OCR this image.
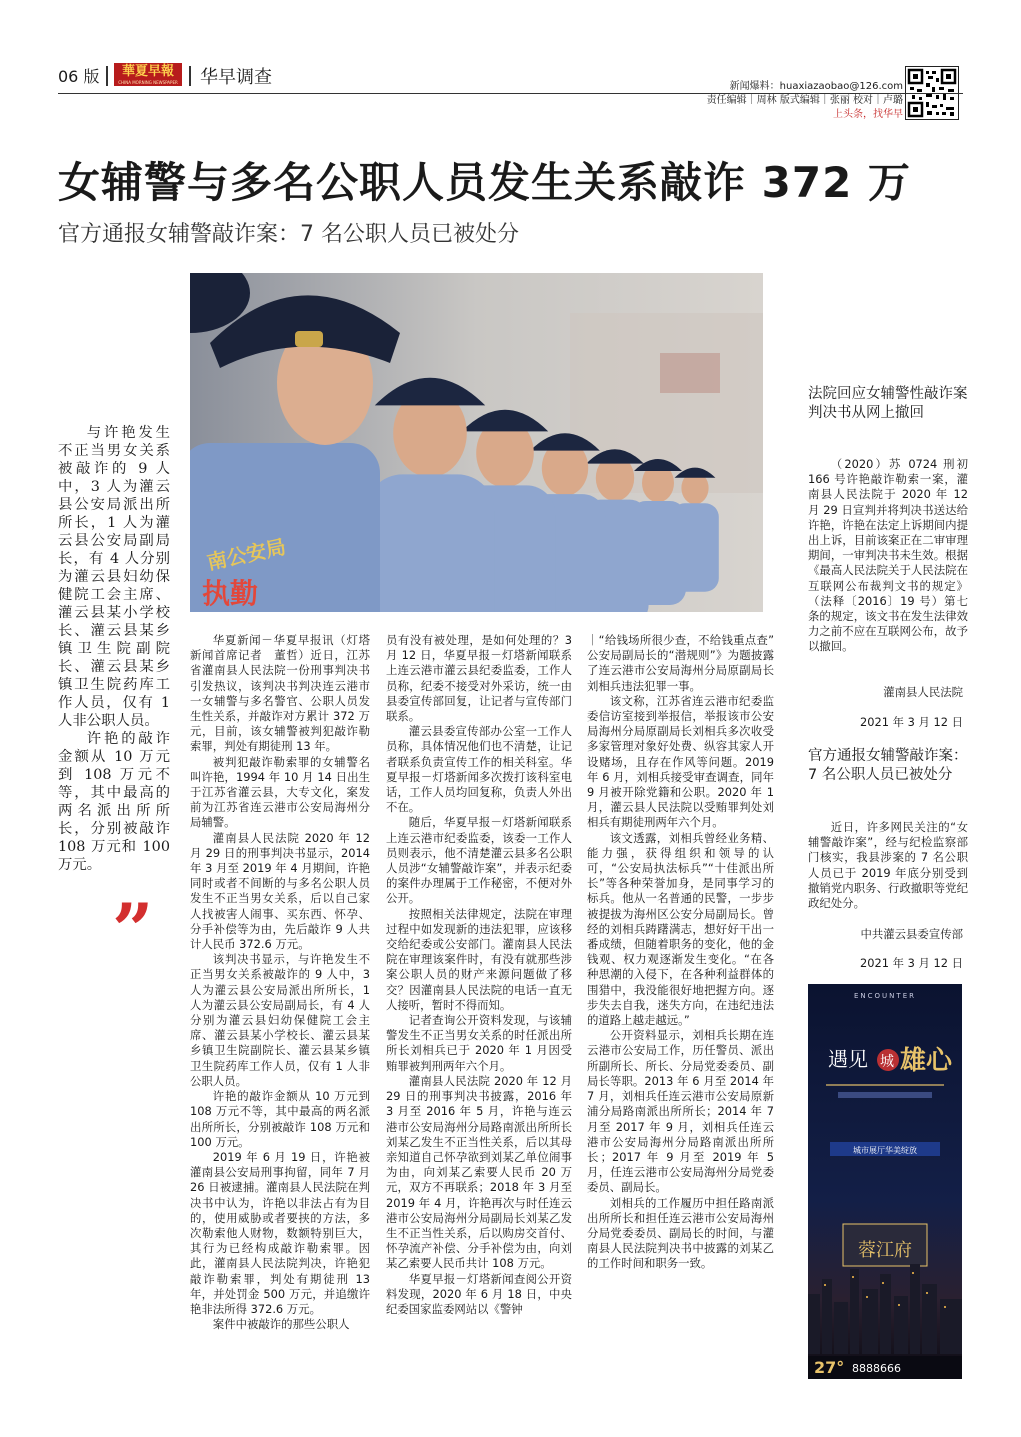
06 版	華夏早報
CHINA MORNING NEWSPAPER 华早调查	新闻爆料：huaxiazaobao@126.com
责任编辑｜周林 版式编辑｜张丽 校对｜卢璐
上头条，找华早
女辅警与多名公职人员发生关系敲诈 372 万
官方通报女辅警敲诈案：7 名公职人员已被处分
南公安局
执勤

与许艳发生不正当男女关系被敲诈的 9 人中，3 人为灌云县公安局派出所所长，1 人为灌云县公安局副局长，有 4 人分别为灌云县妇幼保健院工会主席、灌云县某小学校长、灌云县某乡镇卫生院副院长、灌云县某乡镇卫生院药库工作人员，仅有 1 人非公职人员。

许艳的敲诈金额从 10 万元到 108 万元不等，其中最高的两名派出所所长，分别被敲诈 108 万元和 100 万元。

”

华夏新闻－华夏早报讯（灯塔新闻首席记者　董哲）近日，江苏省灌南县人民法院一份刑事判决书引发热议，该判决书判决连云港市一女辅警与多名警官、公职人员发生性关系，并敲诈对方累计 372 万元，目前，该女辅警被判犯敲诈勒索罪，判处有期徒刑 13 年。

被判犯敲诈勒索罪的女辅警名叫许艳，1994 年 10 月 14 日出生于江苏省灌云县，大专文化，案发前为江苏省连云港市公安局海州分局辅警。

灌南县人民法院 2020 年 12 月 29 日的刑事判决书显示，2014 年 3 月至 2019 年 4 月期间，许艳同时或者不间断的与多名公职人员发生不正当男女关系，后以自己家人找被害人闹事、买东西、怀孕、分手补偿等为由，先后敲诈 9 人共计人民币 372.6 万元。

该判决书显示，与许艳发生不正当男女关系被敲诈的 9 人中，3 人为灌云县公安局派出所所长，1 人为灌云县公安局副局长，有 4 人分别为灌云县妇幼保健院工会主席、灌云县某小学校长、灌云县某乡镇卫生院副院长、灌云县某乡镇卫生院药库工作人员，仅有 1 人非公职人员。

许艳的敲诈金额从 10 万元到 108 万元不等，其中最高的两名派出所所长，分别被敲诈 108 万元和 100 万元。

2019 年 6 月 19 日，许艳被灌南县公安局刑事拘留，同年 7 月 26 日被逮捕。灌南县人民法院在判决书中认为，许艳以非法占有为目的，使用威胁或者要挟的方法，多次勒索他人财物，数额特别巨大，其行为已经构成敲诈勒索罪。因此，灌南县人民法院判决，许艳犯敲诈勒索罪，判处有期徒刑 13 年，并处罚金 500 万元，并追缴许艳非法所得 372.6 万元。

案件中被敲诈的那些公职人

员有没有被处理，是如何处理的？3 月 12 日，华夏早报－灯塔新闻联系上连云港市灌云县纪委监委，工作人员称，纪委不接受对外采访，统一由县委宣传部回复，让记者与宣传部门联系。

灌云县委宣传部办公室一工作人员称，具体情况他们也不清楚，让记者联系负责宣传工作的相关科室。华夏早报－灯塔新闻多次拨打该科室电话，工作人员均回复称，负责人外出不在。

随后，华夏早报－灯塔新闻联系上连云港市纪委监委，该委一工作人员则表示，他不清楚灌云县多名公职人员涉“女辅警敲诈案”，并表示纪委的案件办理属于工作秘密，不便对外公开。

按照相关法律规定，法院在审理过程中如发现新的违法犯罪，应该移交给纪委或公安部门。灌南县人民法院在审理该案件时，有没有就那些涉案公职人员的财产来源问题做了移交？因灌南县人民法院的电话一直无人接听，暂时不得而知。

记者查询公开资料发现，与该辅警发生不正当男女关系的时任派出所所长刘相兵已于 2020 年 1 月因受贿罪被判刑两年六个月。

灌南县人民法院 2020 年 12 月 29 日的刑事判决书披露，2016 年 3 月至 2016 年 5 月，许艳与连云港市公安局海州分局路南派出所所长刘某乙发生不正当性关系，后以其母亲知道自己怀孕欲到刘某乙单位闹事为由，向刘某乙索要人民币 20 万元，双方不再联系；2018 年 3 月至 2019 年 4 月，许艳再次与时任连云港市公安局海州分局副局长刘某乙发生不正当性关系，后以购房交首付、怀孕流产补偿、分手补偿为由，向刘某乙索要人民币共计 108 万元。

华夏早报－灯塔新闻查阅公开资料发现，2020 年 6 月 18 日，中央纪委国家监委网站以《警钟

｜“给钱场所很少查，不给钱重点查”　公安局副局长的“潜规则”》为题披露了连云港市公安局海州分局原副局长刘相兵违法犯罪一事。

该文称，江苏省连云港市纪委监委信访室接到举报信，举报该市公安局海州分局原副局长刘相兵多次收受多家管理对象好处费、纵容其家人开设赌场，且存在作风等问题。2019 年 6 月，刘相兵接受审查调查，同年 9 月被开除党籍和公职。2020 年 1 月，灌云县人民法院以受贿罪判处刘相兵有期徒刑两年六个月。

该文透露，刘相兵曾经业务精、能力强，获得组织和领导的认可，“公安局执法标兵”“十佳派出所长”等各种荣誉加身，是同事学习的标兵。他从一名普通的民警，一步步被提拔为海州区公安分局副局长。曾经的刘相兵踌躇满志，想好好干出一番成绩，但随着职务的变化，他的金钱观、权力观逐渐发生变化。“在各种思潮的入侵下，在各种利益群体的围猎中，我没能很好地把握方向。逐步失去自我，迷失方向，在违纪违法的道路上越走越远。”

公开资料显示，刘相兵长期在连云港市公安局工作，历任警员、派出所副所长、所长、分局党委委员、副局长等职。2013 年 6 月至 2014 年 7 月，刘相兵任连云港市公安局原新浦分局路南派出所所长；2014 年 7 月至 2017 年 9 月，刘相兵任连云港市公安局海州分局路南派出所所长；2017 年 9 月至 2019 年 5 月，任连云港市公安局海州分局党委委员、副局长。

刘相兵的工作履历中担任路南派出所所长和担任连云港市公安局海州分局党委委员、副局长的时间，与灌南县人民法院判决书中披露的刘某乙的工作时间和职务一致。

法院回应女辅警性敲诈案判决书从网上撤回

（2020）苏 0724 刑初 166 号许艳敲诈勒索一案，灌南县人民法院于 2020 年 12 月 29 日宣判并将判决书送达给许艳，许艳在法定上诉期间内提出上诉，目前该案正在二审审理期间，一审判决书未生效。根据《最高人民法院关于人民法院在互联网公布裁判文书的规定》（法释〔2016〕19 号）第七条的规定，该文书在发生法律效力之前不应在互联网公布，故予以撤回。

灌南县人民法院
2021 年 3 月 12 日
官方通报女辅警敲诈案：7 名公职人员已被处分

近日，许多网民关注的“女辅警敲诈案”，经与纪检监察部门核实，我县涉案的 7 名公职人员已于 2019 年底分别受到撤销党内职务、行政撤职等党纪政纪处分。

中共灌云县委宣传部
2021 年 3 月 12 日
ENCOUNTER
遇见 城 雄心
城市展厅华美绽放
蓉江府
27° 8888666
